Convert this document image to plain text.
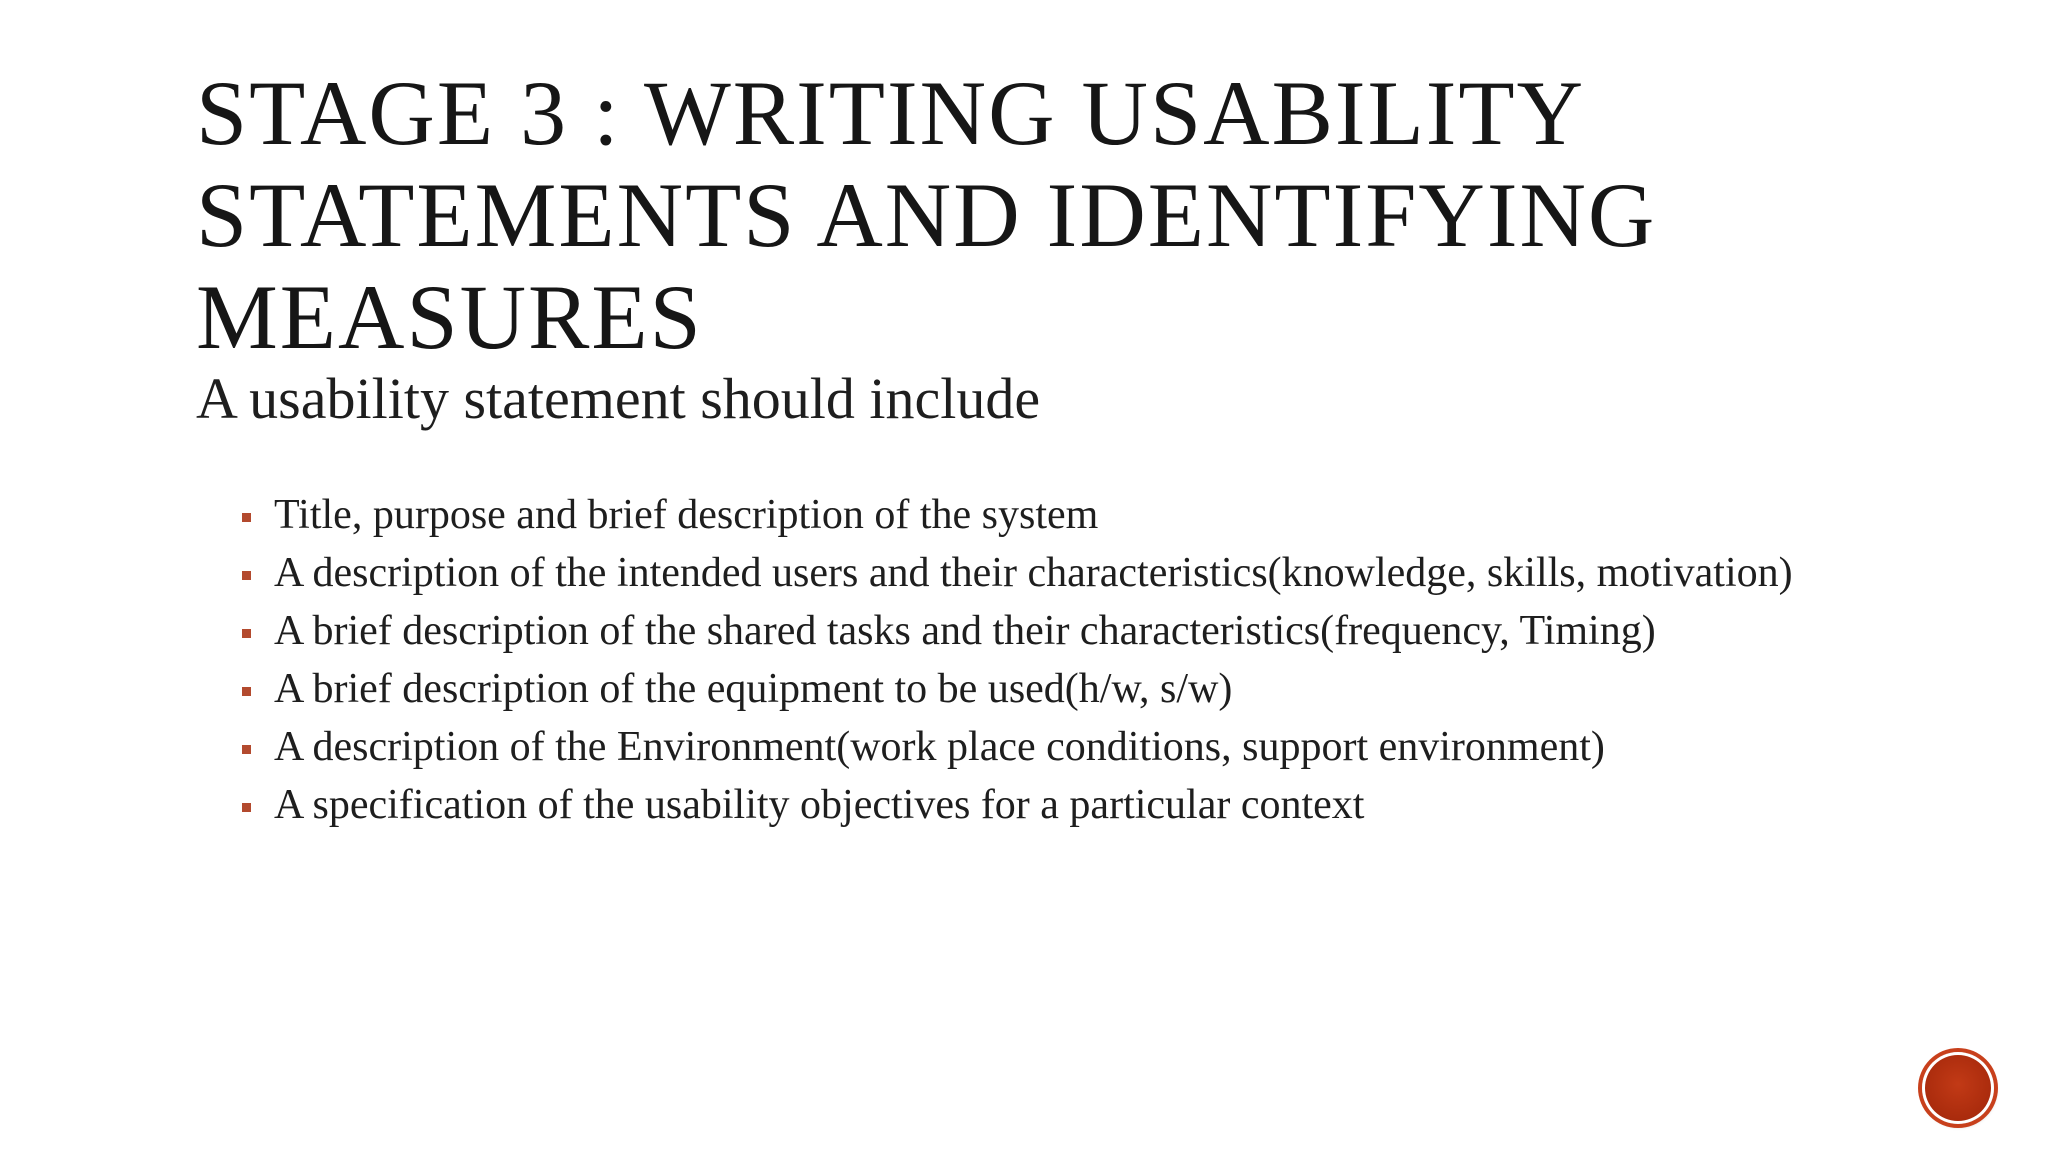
STAGE 3 : WRITING USABILITY STATEMENTS AND IDENTIFYING MEASURES

A usability statement should include

Title, purpose and brief description of the system
A description of the intended users and their characteristics(knowledge, skills, motivation)
A brief description of the shared tasks and their characteristics(frequency, Timing)
A brief description of the equipment to be used(h/w, s/w)
A description of the Environment(work place conditions, support environment)
A specification of the usability objectives for a particular context
